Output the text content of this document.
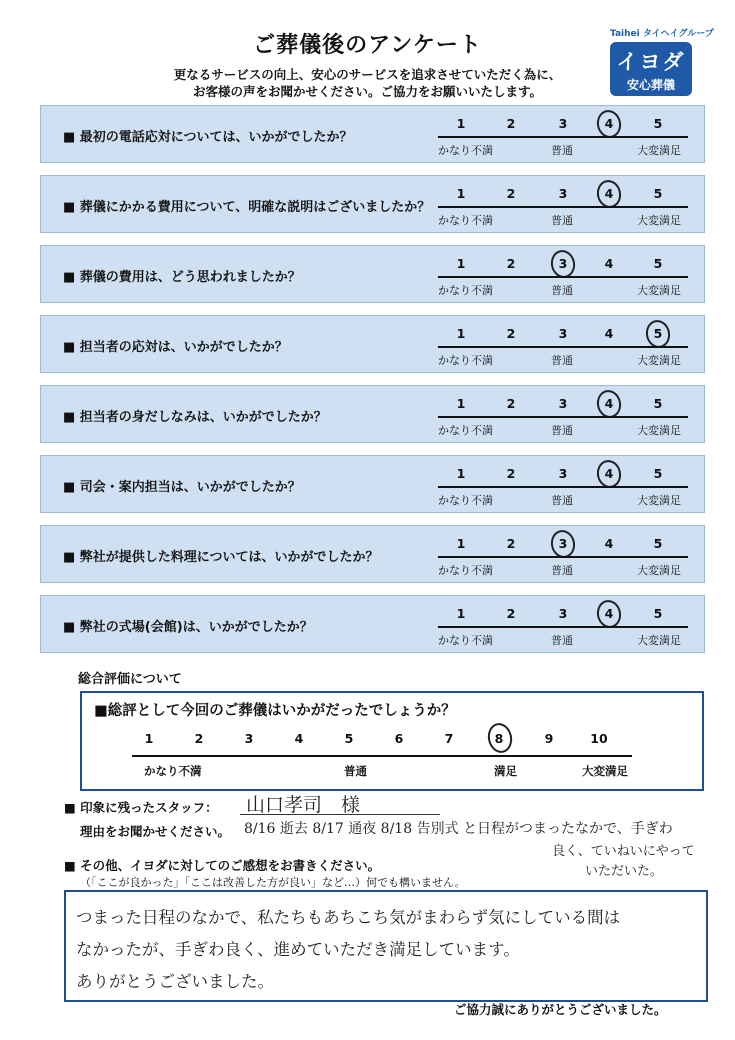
ご葬儀後のアンケート
更なるサービスの向上、安心のサービスを追求させていただく為に、
お客様の声をお聞かせください。ご協力をお願いいたします。
Taihei タイヘイグループ
イヨダ
安心葬儀
■ 最初の電話応対については、いかがでしたか？
1	2	3	4	5
かなり不満	普通	大変満足
■ 葬儀にかかる費用について、明確な説明はございましたか？
1	2	3	4	5
かなり不満	普通	大変満足
■ 葬儀の費用は、どう思われましたか？
1	2	3	4	5
かなり不満	普通	大変満足
■ 担当者の応対は、いかがでしたか？
1	2	3	4	5
かなり不満	普通	大変満足
■ 担当者の身だしなみは、いかがでしたか？
1	2	3	4	5
かなり不満	普通	大変満足
■ 司会・案内担当は、いかがでしたか？
1	2	3	4	5
かなり不満	普通	大変満足
■ 弊社が提供した料理については、いかがでしたか？
1	2	3	4	5
かなり不満	普通	大変満足
■ 弊社の式場(会館)は、いかがでしたか？
1	2	3	4	5
かなり不満	普通	大変満足
総合評価について
■総評として今回のご葬儀はいかがだったでしょうか？
かなり不満	普通	満足	大変満足
1	2	3	4	5	6	7	8	9	10
■ 印象に残ったスタッフ： 山口孝司　様
理由をお聞かせください。 8/16 逝去 8/17 通夜 8/18 告別式 と日程がつまったなかで、手ぎわ
良く、ていねいにやって
いただいた。
■ その他、イヨダに対してのご感想をお書きください。
（「ここが良かった」「ここは改善した方が良い」など…）何でも構いません。
つまった日程のなかで、私たちもあちこち気がまわらず気にしている間は
なかったが、手ぎわ良く、進めていただき満足しています。
ありがとうございました。
ご協力誠にありがとうございました。
